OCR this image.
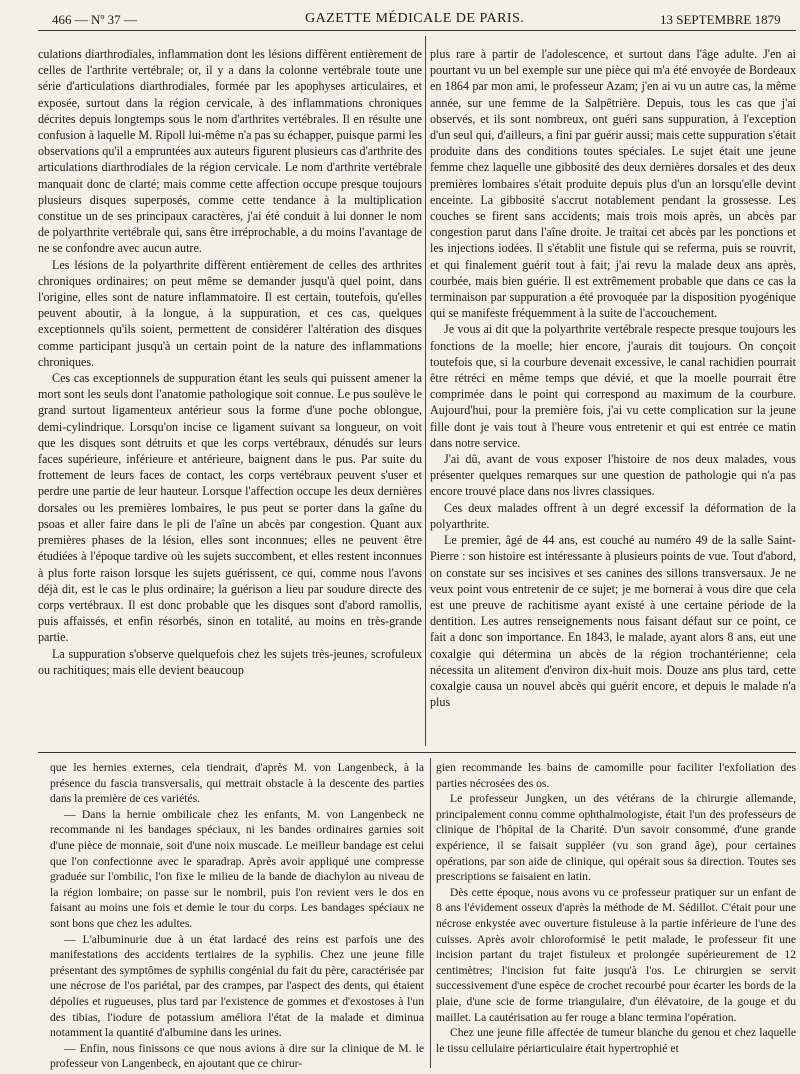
466 — Nº 37 —	GAZETTE MÉDICALE DE PARIS.	13 SEPTEMBRE 1879

culations diarthrodiales, inflammation dont les lésions diffèrent entièrement de celles de l'arthrite vertébrale; or, il y a dans la colonne vertébrale toute une série d'articulations diarthrodiales, formée par les apophyses articulaires, et exposée, surtout dans la région cervicale, à des inflammations chroniques décrites depuis longtemps sous le nom d'arthrites vertébrales. Il en résulte une confusion à laquelle M. Ripoll lui-même n'a pas su échapper, puisque parmi les observations qu'il a empruntées aux auteurs figurent plusieurs cas d'arthrite des articulations diarthrodiales de la région cervicale. Le nom d'arthrite vertébrale manquait donc de clarté; mais comme cette affection occupe presque toujours plusieurs disques superposés, comme cette tendance à la multiplication constitue un de ses principaux caractères, j'ai été conduit à lui donner le nom de polyarthrite vertébrale qui, sans être irréprochable, a du moins l'avantage de ne se confondre avec aucun autre.

Les lésions de la polyarthrite diffèrent entièrement de celles des arthrites chroniques ordinaires; on peut même se demander jusqu'à quel point, dans l'origine, elles sont de nature inflammatoire. Il est certain, toutefois, qu'elles peuvent aboutir, à la longue, à la suppuration, et ces cas, quelques exceptionnels qu'ils soient, permettent de considérer l'altération des disques comme participant jusqu'à un certain point de la nature des inflammations chroniques.

Ces cas exceptionnels de suppuration étant les seuls qui puissent amener la mort sont les seuls dont l'anatomie pathologique soit connue. Le pus soulève le grand surtout ligamenteux antérieur sous la forme d'une poche oblongue, demi-cylindrique. Lorsqu'on incise ce ligament suivant sa longueur, on voit que les disques sont détruits et que les corps vertébraux, dénudés sur leurs faces supérieure, inférieure et antérieure, baignent dans le pus. Par suite du frottement de leurs faces de contact, les corps vertébraux peuvent s'user et perdre une partie de leur hauteur. Lorsque l'affection occupe les deux dernières dorsales ou les premières lombaires, le pus peut se porter dans la gaîne du psoas et aller faire dans le pli de l'aîne un abcès par congestion. Quant aux premières phases de la lésion, elles sont inconnues; elles ne peuvent être étudiées à l'époque tardive où les sujets succombent, et elles restent inconnues à plus forte raison lorsque les sujets guérissent, ce qui, comme nous l'avons déjà dit, est le cas le plus ordinaire; la guérison a lieu par soudure directe des corps vertébraux. Il est donc probable que les disques sont d'abord ramollis, puis affaissés, et enfin résorbés, sinon en totalité, au moins en très-grande partie.

La suppuration s'observe quelquefois chez les sujets très-jeunes, scrofuleux ou rachitiques; mais elle devient beaucoup

plus rare à partir de l'adolescence, et surtout dans l'âge adulte. J'en ai pourtant vu un bel exemple sur une pièce qui m'a été envoyée de Bordeaux en 1864 par mon ami, le professeur Azam; j'en ai vu un autre cas, la même année, sur une femme de la Salpêtrière. Depuis, tous les cas que j'ai observés, et ils sont nombreux, ont guéri sans suppuration, à l'exception d'un seul qui, d'ailleurs, a fini par guérir aussi; mais cette suppuration s'était produite dans des conditions toutes spéciales. Le sujet était une jeune femme chez laquelle une gibbosité des deux dernières dorsales et des deux premières lombaires s'était produite depuis plus d'un an lorsqu'elle devint enceinte. La gibbosité s'accrut notablement pendant la grossesse. Les couches se firent sans accidents; mais trois mois après, un abcès par congestion parut dans l'aîne droite. Je traitai cet abcès par les ponctions et les injections iodées. Il s'établit une fistule qui se referma, puis se rouvrit, et qui finalement guérit tout à fait; j'ai revu la malade deux ans après, courbée, mais bien guérie. Il est extrêmement probable que dans ce cas la terminaison par suppuration a été provoquée par la disposition pyogénique qui se manifeste fréquemment à la suite de l'accouchement.

Je vous ai dit que la polyarthrite vertébrale respecte presque toujours les fonctions de la moelle; hier encore, j'aurais dit toujours. On conçoit toutefois que, si la courbure devenait excessive, le canal rachidien pourrait être rétréci en même temps que dévié, et que la moelle pourrait être comprimée dans le point qui correspond au maximum de la courbure. Aujourd'hui, pour la première fois, j'ai vu cette complication sur la jeune fille dont je vais tout à l'heure vous entretenir et qui est entrée ce matin dans notre service.

J'ai dû, avant de vous exposer l'histoire de nos deux malades, vous présenter quelques remarques sur une question de pathologie qui n'a pas encore trouvé place dans nos livres classiques.

Ces deux malades offrent à un degré excessif la déformation de la polyarthrite.

Le premier, âgé de 44 ans, est couché au numéro 49 de la salle Saint-Pierre : son histoire est intéressante à plusieurs points de vue. Tout d'abord, on constate sur ses incisives et ses canines des sillons transversaux. Je ne veux point vous entretenir de ce sujet; je me bornerai à vous dire que cela est une preuve de rachitisme ayant existé à une certaine période de la dentition. Les autres renseignements nous faisant défaut sur ce point, ce fait a donc son importance. En 1843, le malade, ayant alors 8 ans, eut une coxalgie qui détermina un abcès de la région trochantérienne; cela nécessita un alitement d'environ dix-huit mois. Douze ans plus tard, cette coxalgie causa un nouvel abcès qui guérit encore, et depuis le malade n'a plus

que les hernies externes, cela tiendrait, d'après M. von Langenbeck, à la présence du fascia transversalis, qui mettrait obstacle à la descente des parties dans la première de ces variétés.

— Dans la hernie ombilicale chez les enfants, M. von Langenbeck ne recommande ni les bandages spéciaux, ni les bandes ordinaires garnies soit d'une pièce de monnaie, soit d'une noix muscade. Le meilleur bandage est celui que l'on confectionne avec le sparadrap. Après avoir appliqué une compresse graduée sur l'ombilic, l'on fixe le milieu de la bande de diachylon au niveau de la région lombaire; on passe sur le nombril, puis l'on revient vers le dos en faisant au moins une fois et demie le tour du corps. Les bandages spéciaux ne sont bons que chez les adultes.

— L'albuminurie due à un état lardacé des reins est parfois une des manifestations des accidents tertiaires de la syphilis. Chez une jeune fille présentant des symptômes de syphilis congénial du fait du père, caractérisée par une nécrose de l'os pariétal, par des crampes, par l'aspect des dents, qui étaient dépolies et rugueuses, plus tard par l'existence de gommes et d'exostoses à l'un des tibias, l'iodure de potassium améliora l'état de la malade et diminua notamment la quantité d'albumine dans les urines.

— Enfin, nous finissons ce que nous avions à dire sur la clinique de M. le professeur von Langenbeck, en ajoutant que ce chirur-

gien recommande les bains de camomille pour faciliter l'exfoliation des parties nécrosées des os.

Le professeur Jungken, un des vétérans de la chirurgie allemande, principalement connu comme ophthalmologiste, était l'un des professeurs de clinique de l'hôpital de la Charité. D'un savoir consommé, d'une grande expérience, il se faisait suppléer (vu son grand âge), pour certaines opérations, par son aide de clinique, qui opérait sous sa direction. Toutes ses prescriptions se faisaient en latin.

Dès cette époque, nous avons vu ce professeur pratiquer sur un enfant de 8 ans l'évidement osseux d'après la méthode de M. Sédillot. C'était pour une nécrose enkystée avec ouverture fistuleuse à la partie inférieure de l'une des cuisses. Après avoir chloroformisé le petit malade, le professeur fit une incision partant du trajet fistuleux et prolongée supérieurement de 12 centimètres; l'incision fut faite jusqu'à l'os. Le chirurgien se servit successivement d'une espèce de crochet recourbé pour écarter les bords de la plaie, d'une scie de forme triangulaire, d'un élévatoire, de la gouge et du maillet. La cautérisation au fer rouge a blanc termina l'opération.

Chez une jeune fille affectée de tumeur blanche du genou et chez laquelle le tissu cellulaire périarticulaire était hypertrophié et
